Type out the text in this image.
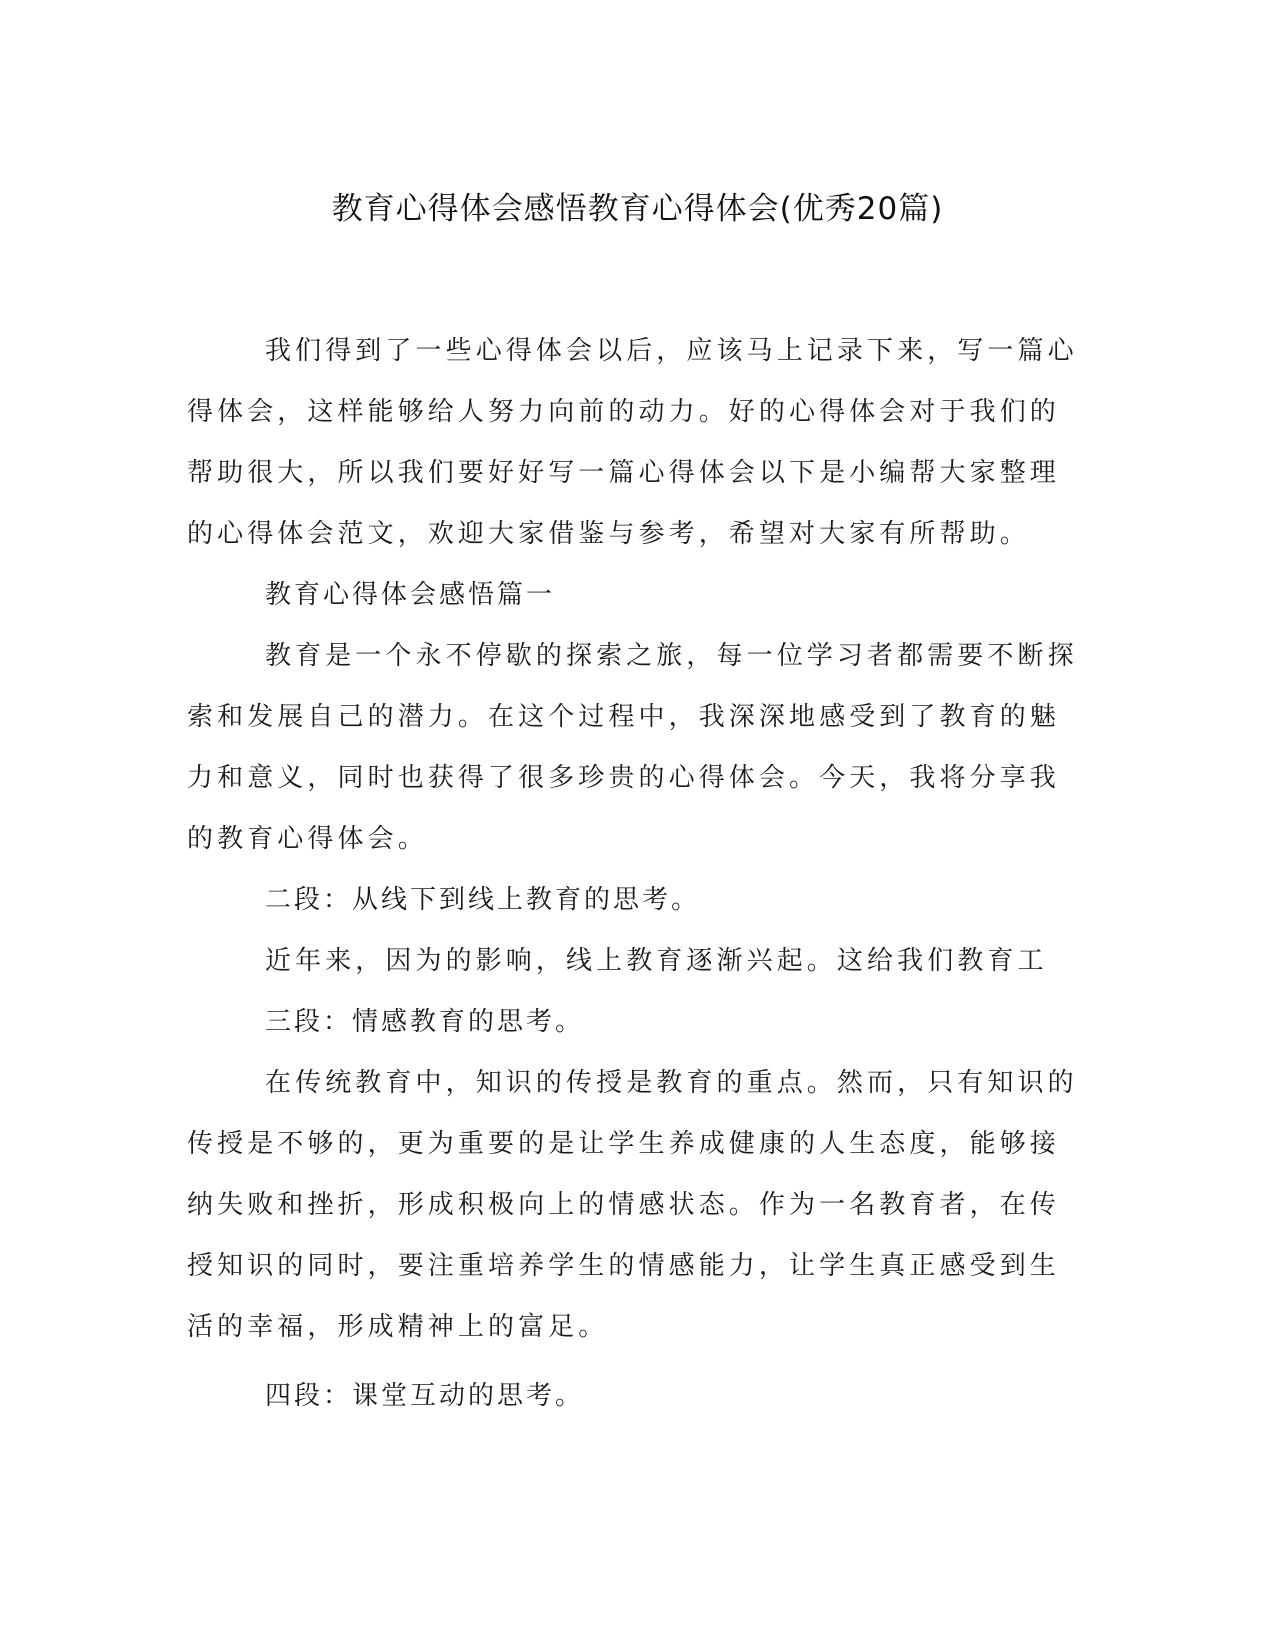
教育心得体会感悟教育心得体会(优秀20篇)

我们得到了一些心得体会以后，应该马上记录下来，写一篇心得体会，这样能够给人努力向前的动力。好的心得体会对于我们的帮助很大，所以我们要好好写一篇心得体会以下是小编帮大家整理的心得体会范文，欢迎大家借鉴与参考，希望对大家有所帮助。

教育心得体会感悟篇一

教育是一个永不停歇的探索之旅，每一位学习者都需要不断探索和发展自己的潜力。在这个过程中，我深深地感受到了教育的魅力和意义，同时也获得了很多珍贵的心得体会。今天，我将分享我的教育心得体会。

二段：从线下到线上教育的思考。

近年来，因为的影响，线上教育逐渐兴起。这给我们教育工

三段：情感教育的思考。

在传统教育中，知识的传授是教育的重点。然而，只有知识的传授是不够的，更为重要的是让学生养成健康的人生态度，能够接纳失败和挫折，形成积极向上的情感状态。作为一名教育者，在传授知识的同时，要注重培养学生的情感能力，让学生真正感受到生活的幸福，形成精神上的富足。

四段：课堂互动的思考。
